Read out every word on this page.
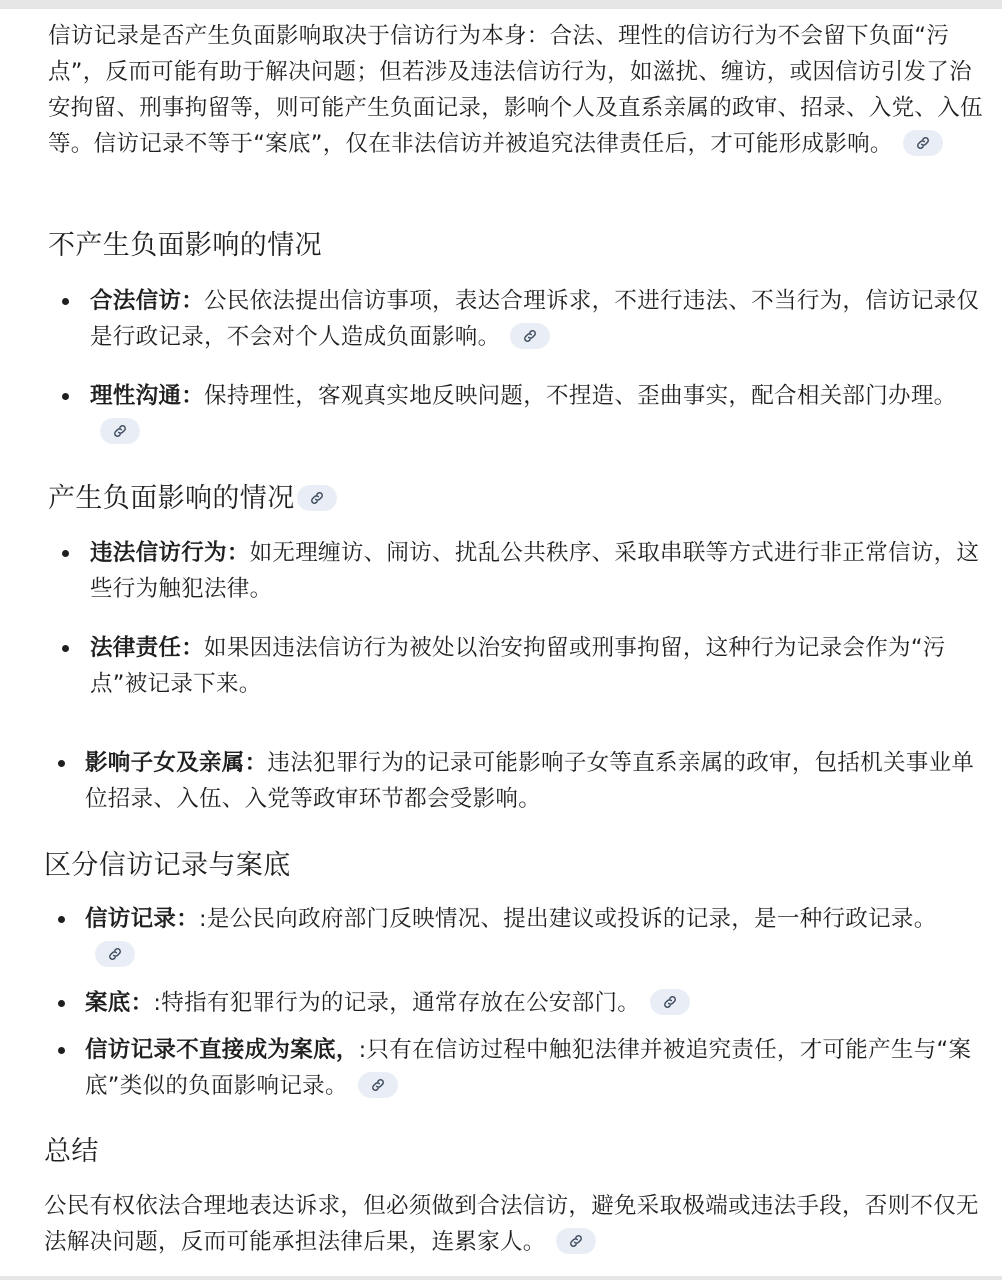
信访记录是否产生负面影响取决于信访行为本身：合法、理性的信访行为不会留下负面“污点”，反而可能有助于解决问题；但若涉及违法信访行为，如滋扰、缠访，或因信访引发了治安拘留、刑事拘留等，则可能产生负面记录，影响个人及直系亲属的政审、招录、入党、入伍等。信访记录不等于“案底”，仅在非法信访并被追究法律责任后，才可能形成影响。

不产生负面影响的情况

合法信访：公民依法提出信访事项，表达合理诉求，不进行违法、不当行为，信访记录仅是行政记录，不会对个人造成负面影响。

理性沟通：保持理性，客观真实地反映问题，不捏造、歪曲事实，配合相关部门办理。

产生负面影响的情况

违法信访行为：如无理缠访、闹访、扰乱公共秩序、采取串联等方式进行非正常信访，这些行为触犯法律。

法律责任：如果因违法信访行为被处以治安拘留或刑事拘留，这种行为记录会作为“污点”被记录下来。

影响子女及亲属：违法犯罪行为的记录可能影响子女等直系亲属的政审，包括机关事业单位招录、入伍、入党等政审环节都会受影响。

区分信访记录与案底

信访记录：:是公民向政府部门反映情况、提出建议或投诉的记录，是一种行政记录。

案底：:特指有犯罪行为的记录，通常存放在公安部门。

信访记录不直接成为案底，:只有在信访过程中触犯法律并被追究责任，才可能产生与“案底”类似的负面影响记录。

总结

公民有权依法合理地表达诉求，但必须做到合法信访，避免采取极端或违法手段，否则不仅无法解决问题，反而可能承担法律后果，连累家人。
